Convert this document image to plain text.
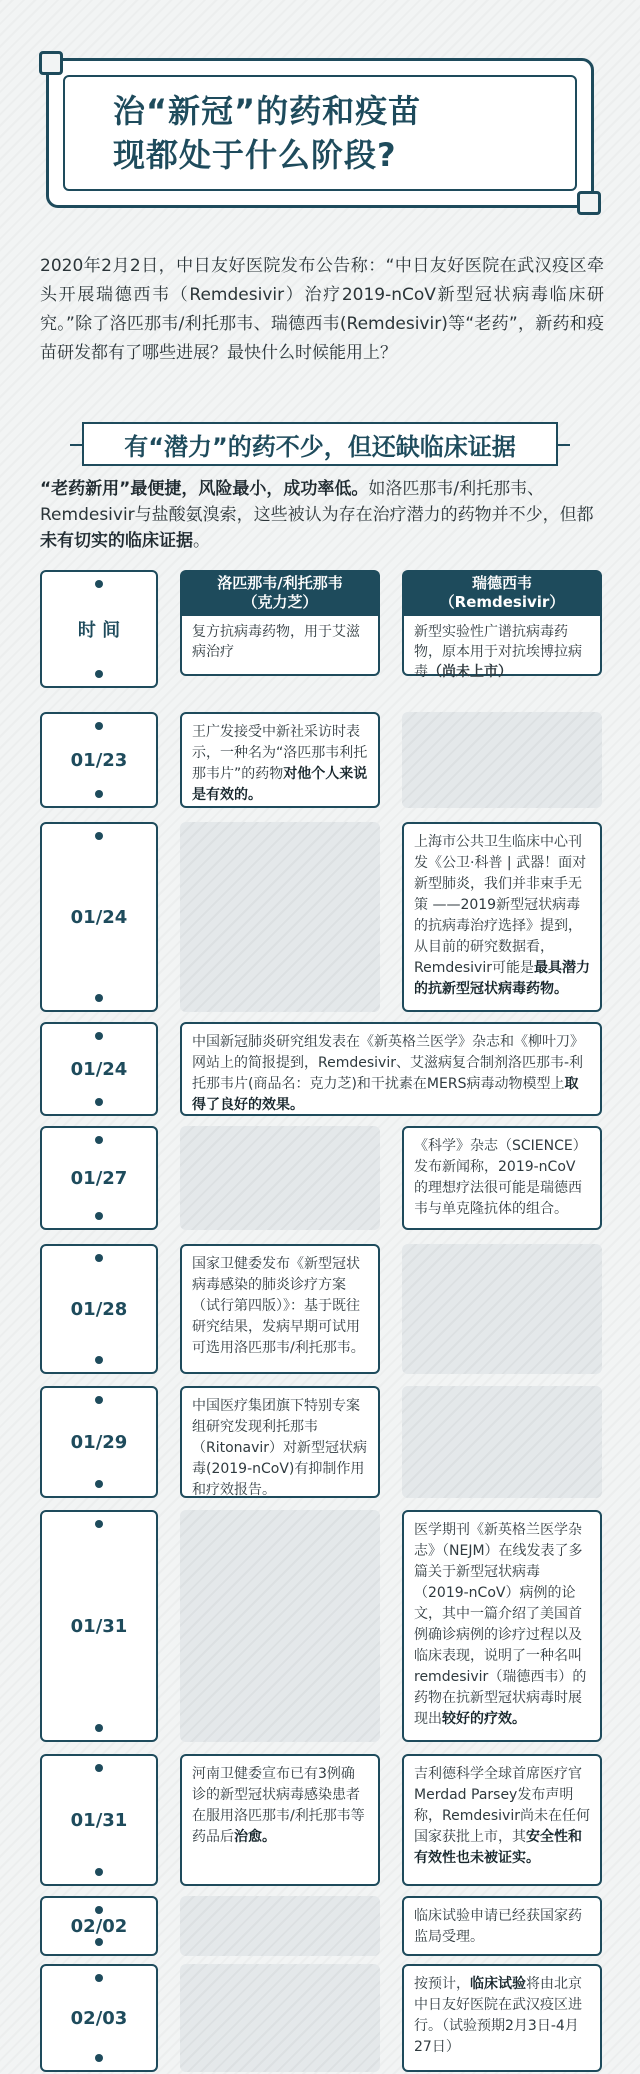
治“新冠”的药和疫苗
现都处于什么阶段?

2020年2月2日，中日友好医院发布公告称：“中日友好医院在武汉疫区牵头开展瑞德西韦（Remdesivir）治疗2019-nCoV新型冠状病毒临床研究。”除了洛匹那韦/利托那韦、瑞德西韦(Remdesivir)等“老药”，新药和疫苗研发都有了哪些进展？最快什么时候能用上？

有“潜力”的药不少，但还缺临床证据

“老药新用”最便捷，风险最小，成功率低。如洛匹那韦/利托那韦、Remdesivir与盐酸氨溴索，这些被认为存在治疗潜力的药物并不少，但都未有切实的临床证据。

时 间
洛匹那韦/利托那韦
（克力芝）
复方抗病毒药物，用于艾滋病治疗
瑞德西韦
（Remdesivir）
新型实验性广谱抗病毒药物，原本用于对抗埃博拉病毒（尚未上市）
01/23
王广发接受中新社采访时表示，一种名为“洛匹那韦利托那韦片”的药物对他个人来说是有效的。
01/24
上海市公共卫生临床中心刊发《公卫·科普 | 武器！面对新型肺炎，我们并非束手无策 ——2019新型冠状病毒的抗病毒治疗选择》提到，从目前的研究数据看，Remdesivir可能是最具潜力的抗新型冠状病毒药物。
01/24
中国新冠肺炎研究组发表在《新英格兰医学》杂志和《柳叶刀》网站上的简报提到，Remdesivir、艾滋病复合制剂洛匹那韦-利托那韦片(商品名：克力芝)和干扰素在MERS病毒动物模型上取得了良好的效果。
01/27
《科学》杂志（SCIENCE） 发布新闻称，2019-nCoV 的理想疗法很可能是瑞德西韦与单克隆抗体的组合。
01/28
国家卫健委发布《新型冠状病毒感染的肺炎诊疗方案（试行第四版）》：基于既往研究结果，发病早期可试用可选用洛匹那韦/利托那韦。
01/29
中国医疗集团旗下特别专案组研究发现利托那韦（Ritonavir）对新型冠状病毒(2019-nCoV)有抑制作用和疗效报告。
01/31
医学期刊《新英格兰医学杂志》（NEJM）在线发表了多篇关于新型冠状病毒（2019-nCoV）病例的论文，其中一篇介绍了美国首例确诊病例的诊疗过程以及临床表现，说明了一种名叫remdesivir（瑞德西韦）的药物在抗新型冠状病毒时展现出较好的疗效。
01/31
河南卫健委宣布已有3例确诊的新型冠状病毒感染患者在服用洛匹那韦/利托那韦等药品后治愈。
吉利德科学全球首席医疗官Merdad Parsey发布声明称，Remdesivir尚未在任何国家获批上市，其安全性和有效性也未被证实。
02/02	临床试验申请已经获国家药监局受理。
02/03
按预计，临床试验将由北京中日友好医院在武汉疫区进行。（试验预期2月3日-4月27日）
